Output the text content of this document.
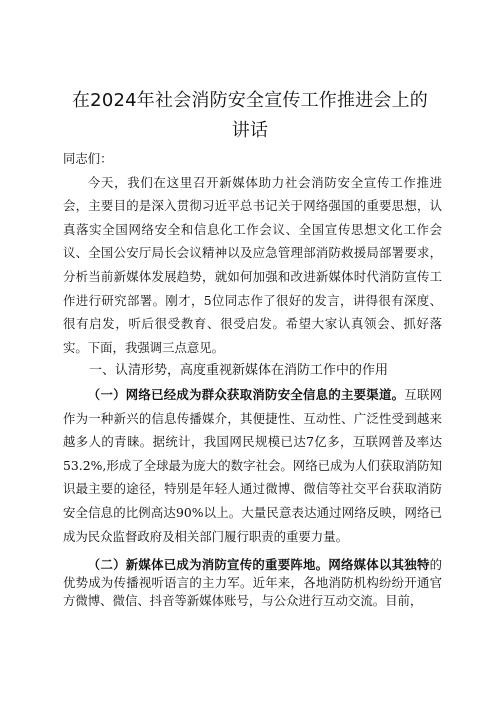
在2024年社会消防安全宣传工作推进会上的
讲话

同志们：

今天，我们在这里召开新媒体助力社会消防安全宣传工作推进会，主要目的是深入贯彻习近平总书记关于网络强国的重要思想，认真落实全国网络安全和信息化工作会议、全国宣传思想文化工作会议、全国公安厅局长会议精神以及应急管理部消防救援局部署要求，分析当前新媒体发展趋势，就如何加强和改进新媒体时代消防宣传工作进行研究部署。刚才，5位同志作了很好的发言，讲得很有深度、很有启发，听后很受教育、很受启发。希望大家认真领会、抓好落实。下面，我强调三点意见。

一、认清形势，高度重视新媒体在消防工作中的作用

（一）网络已经成为群众获取消防安全信息的主要渠道。互联网作为一种新兴的信息传播媒介，其便捷性、互动性、广泛性受到越来越多人的青睐。据统计，我国网民规模已达7亿多，互联网普及率达53.2%,形成了全球最为庞大的数字社会。网络已成为人们获取消防知识最主要的途径，特别是年轻人通过微博、微信等社交平台获取消防安全信息的比例高达90%以上。大量民意表达通过网络反映，网络已成为民众监督政府及相关部门履行职责的重要力量。

（二）新媒体已成为消防宣传的重要阵地。网络媒体以其独特的优势成为传播视听语言的主力军。近年来，各地消防机构纷纷开通官方微博、微信、抖音等新媒体账号，与公众进行互动交流。目前，
